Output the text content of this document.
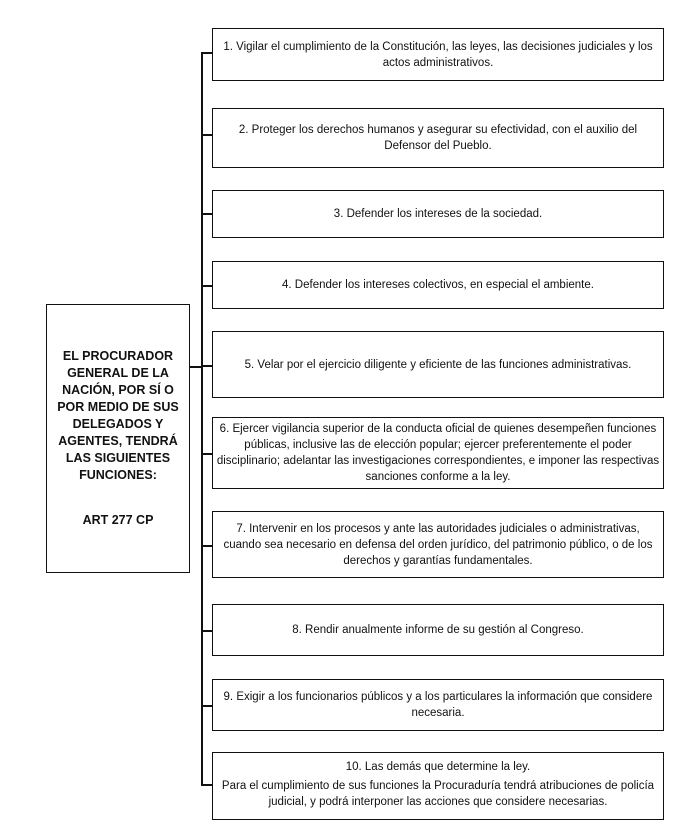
EL PROCURADOR GENERAL DE LA NACIÓN, POR SÍ O POR MEDIO DE SUS DELEGADOS Y AGENTES, TENDRÁ LAS SIGUIENTES FUNCIONES:
ART 277 CP
1. Vigilar el cumplimiento de la Constitución, las leyes, las decisiones judiciales y los actos administrativos.
2. Proteger los derechos humanos y asegurar su efectividad, con el auxilio del Defensor del Pueblo.
3. Defender los intereses de la sociedad.
4. Defender los intereses colectivos, en especial el ambiente.
5. Velar por el ejercicio diligente y eficiente de las funciones administrativas.
6. Ejercer vigilancia superior de la conducta oficial de quienes desempeñen funciones públicas, inclusive las de elección popular; ejercer preferentemente el poder disciplinario; adelantar las investigaciones correspondientes, e imponer las respectivas sanciones conforme a la ley.
7. Intervenir en los procesos y ante las autoridades judiciales o administrativas, cuando sea necesario en defensa del orden jurídico, del patrimonio público, o de los derechos y garantías fundamentales.
8. Rendir anualmente informe de su gestión al Congreso.
9. Exigir a los funcionarios públicos y a los particulares la información que considere necesaria.
10. Las demás que determine la ley.
Para el cumplimiento de sus funciones la Procuraduría tendrá atribuciones de policía judicial, y podrá interponer las acciones que considere necesarias.
